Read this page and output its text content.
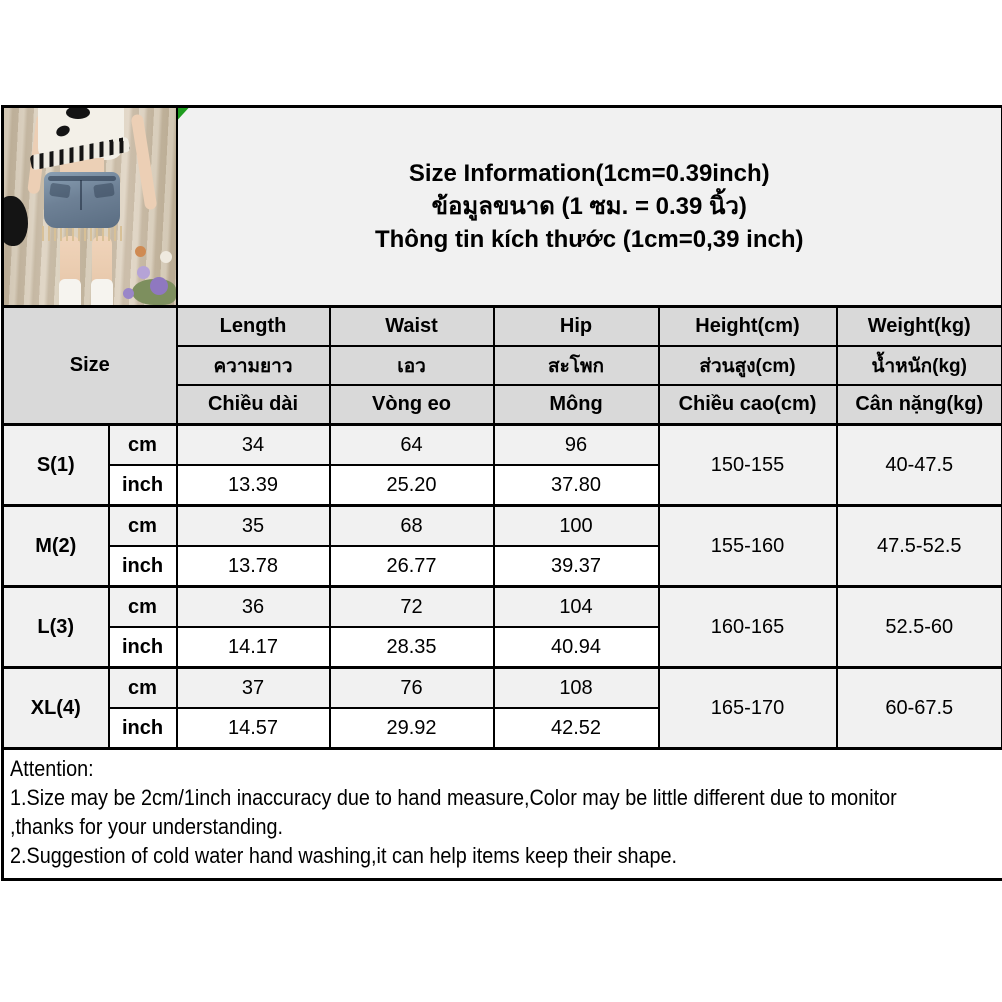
		Size Information(1cm=0.39inch)
ข้อมูลขนาด (1 ซม. = 0.39 นิ้ว)
Thông tin kích thước (1cm=0,39 inch)				

Size		Length	Waist	Hip	Height(cm)	Weight(kg)
		ความยาว	เอว	สะโพก	ส่วนสูง(cm)	น้ำหนัก(kg)
		Chiều dài	Vòng eo	Mông	Chiều cao(cm)	Cân nặng(kg)
S(1)	cm	34	64	96	150-155	40-47.5
	inch	13.39	25.20	37.80		
M(2)	cm	35	68	100	155-160	47.5-52.5
	inch	13.78	26.77	39.37		
L(3)	cm	36	72	104	160-165	52.5-60
	inch	14.17	28.35	40.94		
XL(4)	cm	37	76	108	165-170	60-67.5
	inch	14.57	29.92	42.52		
Attention:
1.Size may be 2cm/1inch inaccuracy due to hand measure,Color may be little different due to monitor
,thanks for your understanding.
2.Suggestion of cold water hand washing,it can help items keep their shape.
